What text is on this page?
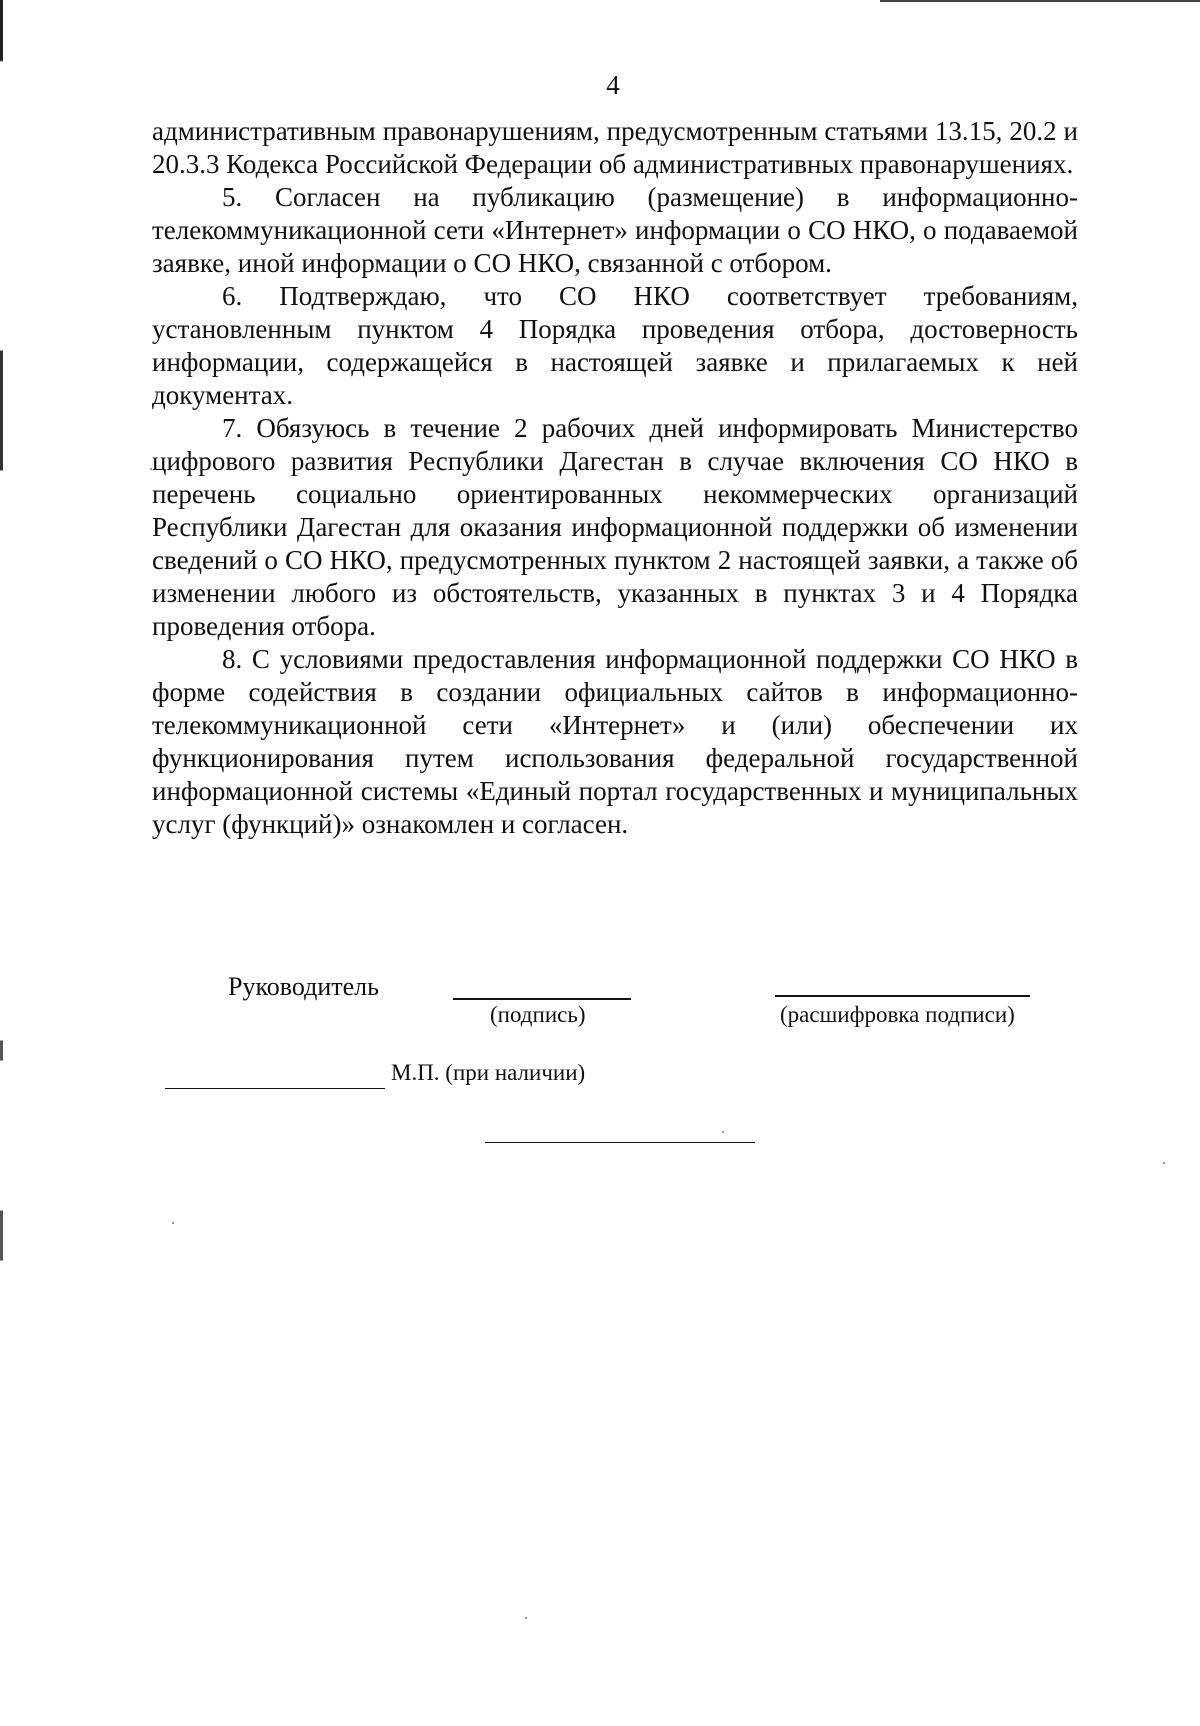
4

административным правонарушениям, предусмотренным статьями 13.15, 20.2 и 20.3.3 Кодекса Российской Федерации об административных правонарушениях.

5. Согласен на публикацию (размещение) в информационно-телекоммуникационной сети «Интернет» информации о СО НКО, о подаваемой заявке, иной информации о СО НКО, связанной с отбором.

6. Подтверждаю, что СО НКО соответствует требованиям, установленным пунктом 4 Порядка проведения отбора, достоверность информации, содержащейся в настоящей заявке и прилагаемых к ней документах.

7. Обязуюсь в течение 2 рабочих дней информировать Министерство цифрового развития Республики Дагестан в случае включения СО НКО в перечень социально ориентированных некоммерческих организаций Республики Дагестан для оказания информационной поддержки об изменении сведений о СО НКО, предусмотренных пунктом 2 настоящей заявки, а также об изменении любого из обстоятельств, указанных в пунктах 3 и 4 Порядка проведения отбора.

8. С условиями предоставления информационной поддержки СО НКО в форме содействия в создании официальных сайтов в информационно-телекоммуникационной сети «Интернет» и (или) обеспечении их функционирования путем использования федеральной государственной информационной системы «Единый портал государственных и муниципальных услуг (функций)» ознакомлен и согласен.

Руководитель
(подпись)	(расшифровка подписи)
М.П. (при наличии)
